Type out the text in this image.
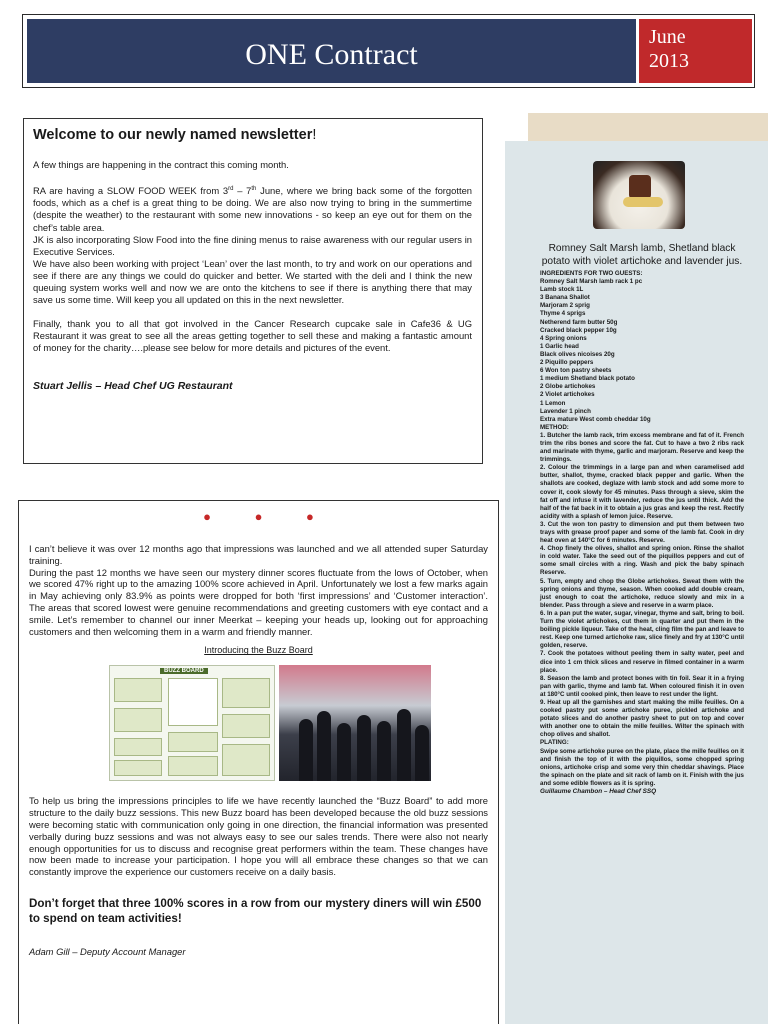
ONE Contract
June
2013
Welcome to our newly named newsletter!

A few things are happening in the contract this coming month.

RA are having a SLOW FOOD WEEK from 3rd – 7th June, where we bring back some of the forgotten foods, which as a chef is a great thing to be doing. We are also now trying to bring in the summertime (despite the weather) to the restaurant with some new innovations - so keep an eye out for them on the chef’s table area.

JK is also incorporating Slow Food into the fine dining menus to raise awareness with our regular users in Executive Services.

We have also been working with project ‘Lean’ over the last month, to try and work on our operations and see if there are any things we could do quicker and better. We started with the deli and I think the new queuing system works well and now we are onto the kitchens to see if there is anything there that may save us some time. Will keep you all updated on this in the next newsletter.

Finally, thank you to all that got involved in the Cancer Research cupcake sale in Cafe36 & UG Restaurant it was great to see all the areas getting together to sell these and making a fantastic amount of money for the charity….please see below for more details and pictures of the event.

Stuart Jellis – Head Chef UG Restaurant
● ● ●

I can’t believe it was over 12 months ago that impressions was launched and we all attended super Saturday training.

During the past 12 months we have seen our mystery dinner scores fluctuate from the lows of October, when we scored 47% right up to the amazing 100% score achieved in April. Unfortunately we lost a few marks again in May achieving only 83.9% as points were dropped for both ‘first impressions’ and ‘Customer interaction’. The areas that scored lowest were genuine recommendations and greeting customers with eye contact and a smile. Let’s remember to channel our inner Meerkat – keeping your heads up, looking out for approaching customers and then welcoming them in a warm and friendly manner.

Introducing the Buzz Board
BUZZ BOARD

To help us bring the impressions principles to life we have recently launched the “Buzz Board” to add more structure to the daily buzz sessions. This new Buzz board has been developed because the old buzz sessions were becoming static with communication only going in one direction, the financial information was presented verbally during buzz sessions and was not always easy to see our sales trends. There were also not nearly enough opportunities for us to discuss and recognise great performers within the team. These changes have now been made to increase your participation. I hope you will all embrace these changes so that we can constantly improve the experience our customers receive on a daily basis.

Don’t forget that three 100% scores in a row from our mystery diners will win £500 to spend on team activities!
Adam Gill – Deputy Account Manager
Romney Salt Marsh lamb, Shetland black potato with violet artichoke and lavender jus.
INGREDIENTS FOR TWO GUESTS:
Romney Salt Marsh lamb rack 1 pc
Lamb stock 1L
3 Banana Shallot
Marjoram 2 sprig
Thyme 4 sprigs
Netherend farm butter 50g
Cracked black pepper 10g
4 Spring onions
1 Garlic head
Black olives nicoises 20g
2 Piquillo peppers
6 Won ton pastry sheets
1 medium Shetland black potato
2 Globe artichokes
2 Violet artichokes
1 Lemon
Lavender 1 pinch
Extra mature West comb cheddar 10g
METHOD:
1. Butcher the lamb rack, trim excess membrane and fat of it. French trim the ribs bones and score the fat. Cut to have a two 2 ribs rack and marinate with thyme, garlic and marjoram. Reserve and keep the trimmings.
2. Colour the trimmings in a large pan and when caramelised add butter, shallot, thyme, cracked black pepper and garlic. When the shallots are cooked, deglaze with lamb stock and add some more to cover it, cook slowly for 45 minutes. Pass through a sieve, skim the fat off and infuse it with lavender, reduce the jus until thick. Add the half of the fat back in it to obtain a jus gras and keep the rest. Rectify acidity with a splash of lemon juice. Reserve.
3. Cut the won ton pastry to dimension and put them between two trays with grease proof paper and some of the lamb fat. Cook in dry heat oven at 140°C for 6 minutes. Reserve.
4. Chop finely the olives, shallot and spring onion. Rinse the shallot in cold water. Take the seed out of the piquillos peppers and cut of some small circles with a ring. Wash and pick the baby spinach Reserve.
5. Turn, empty and chop the Globe artichokes. Sweat them with the spring onions and thyme, season. When cooked add double cream, just enough to coat the artichoke, reduce slowly and mix in a blender. Pass through a sieve and reserve in a warm place.
6. In a pan put the water, sugar, vinegar, thyme and salt, bring to boil. Turn the violet artichokes, cut them in quarter and put them in the boiling pickle liqueur. Take of the heat, cling film the pan and leave to rest. Keep one turned artichoke raw, slice finely and fry at 130°C until golden, reserve.
7. Cook the potatoes without peeling them in salty water, peel and dice into 1 cm thick slices and reserve in filmed container in a warm place.
8. Season the lamb and protect bones with tin foil. Sear it in a frying pan with garlic, thyme and lamb fat. When coloured finish it in oven at 180°C until cooked pink, then leave to rest under the light.
9. Heat up all the garnishes and start making the mille feuilles. On a cooked pastry put some artichoke puree, pickled artichoke and potato slices and do another pastry sheet to put on top and cover with another one to obtain the mille feuilles. Wilter the spinach with chop olives and shallot.
PLATING:
Swipe some artichoke puree on the plate, place the mille feuilles on it and finish the top of it with the piquillos, some chopped spring onions, artichoke crisp and some very thin cheddar shavings. Place the spinach on the plate and sit rack of lamb on it. Finish with the jus and some edible flowers as it is spring.
Guillaume Chambon – Head Chef SSQ
